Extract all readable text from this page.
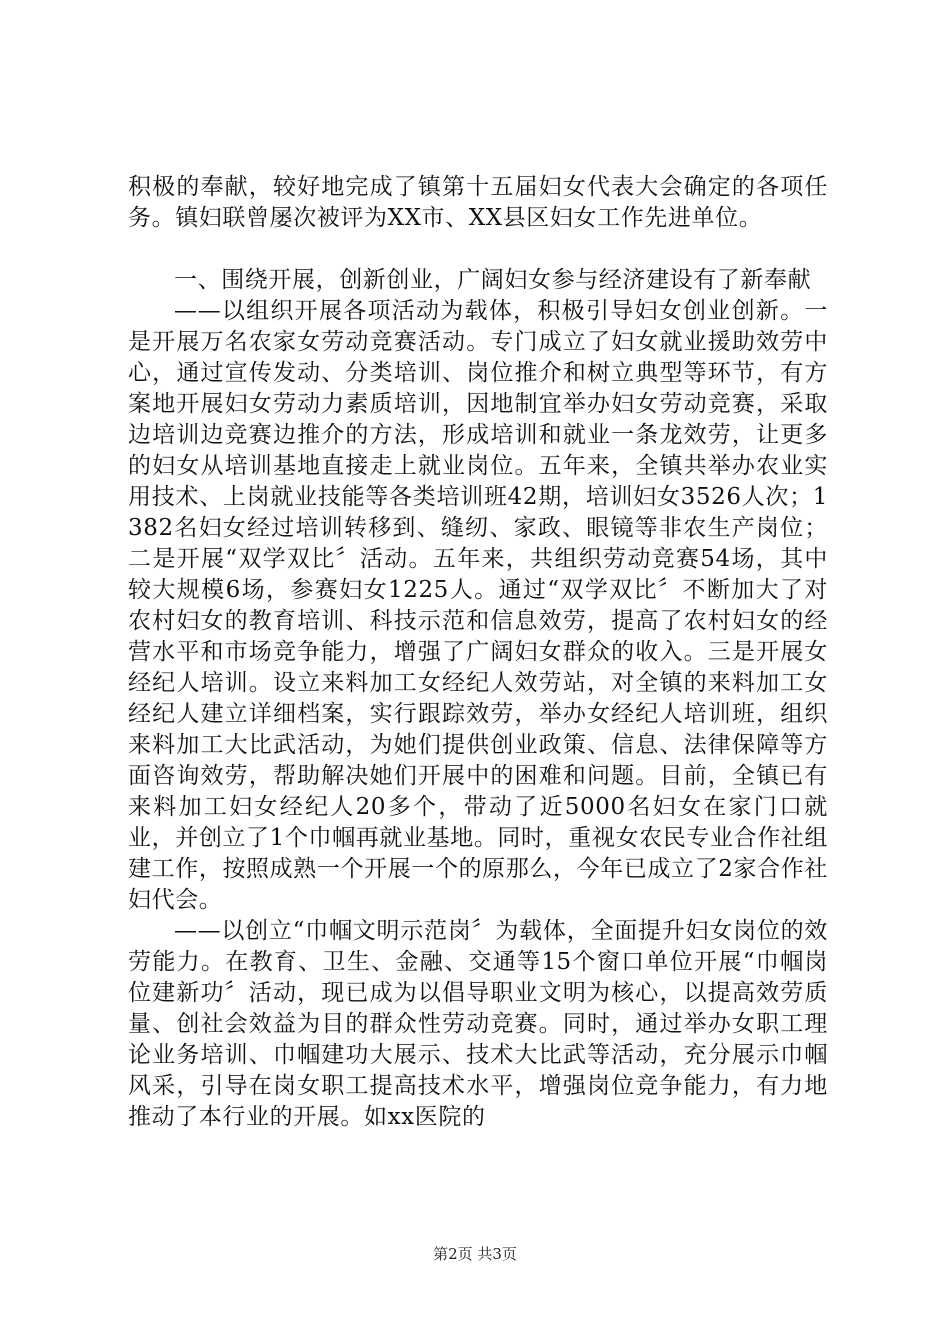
积极的奉献，较好地完成了镇第十五届妇女代表大会确定的各项任务。镇妇联曾屡次被评为XX市、XX县区妇女工作先进单位。

一、围绕开展，创新创业，广阔妇女参与经济建设有了新奉献

——以组织开展各项活动为载体，积极引导妇女创业创新。一是开展万名农家女劳动竞赛活动。专门成立了妇女就业援助效劳中心，通过宣传发动、分类培训、岗位推介和树立典型等环节，有方案地开展妇女劳动力素质培训，因地制宜举办妇女劳动竞赛，采取边培训边竞赛边推介的方法，形成培训和就业一条龙效劳，让更多的妇女从培训基地直接走上就业岗位。五年来，全镇共举办农业实用技术、上岗就业技能等各类培训班42期，培训妇女3526人次；1382名妇女经过培训转移到、缝纫、家政、眼镜等非农生产岗位；二是开展“双学双比〞活动。五年来，共组织劳动竞赛54场，其中较大规模6场，参赛妇女1225人。通过“双学双比〞不断加大了对农村妇女的教育培训、科技示范和信息效劳，提高了农村妇女的经营水平和市场竞争能力，增强了广阔妇女群众的收入。三是开展女经纪人培训。设立来料加工女经纪人效劳站，对全镇的来料加工女经纪人建立详细档案，实行跟踪效劳，举办女经纪人培训班，组织来料加工大比武活动，为她们提供创业政策、信息、法律保障等方面咨询效劳，帮助解决她们开展中的困难和问题。目前，全镇已有来料加工妇女经纪人20多个，带动了近5000名妇女在家门口就业，并创立了1个巾帼再就业基地。同时，重视女农民专业合作社组建工作，按照成熟一个开展一个的原那么，今年已成立了2家合作社妇代会。

——以创立“巾帼文明示范岗〞为载体，全面提升妇女岗位的效劳能力。在教育、卫生、金融、交通等15个窗口单位开展“巾帼岗位建新功〞活动，现已成为以倡导职业文明为核心，以提高效劳质量、创社会效益为目的群众性劳动竞赛。同时，通过举办女职工理论业务培训、巾帼建功大展示、技术大比武等活动，充分展示巾帼风采，引导在岗女职工提高技术水平，增强岗位竞争能力，有力地推动了本行业的开展。如xx医院的

第2页 共3页
